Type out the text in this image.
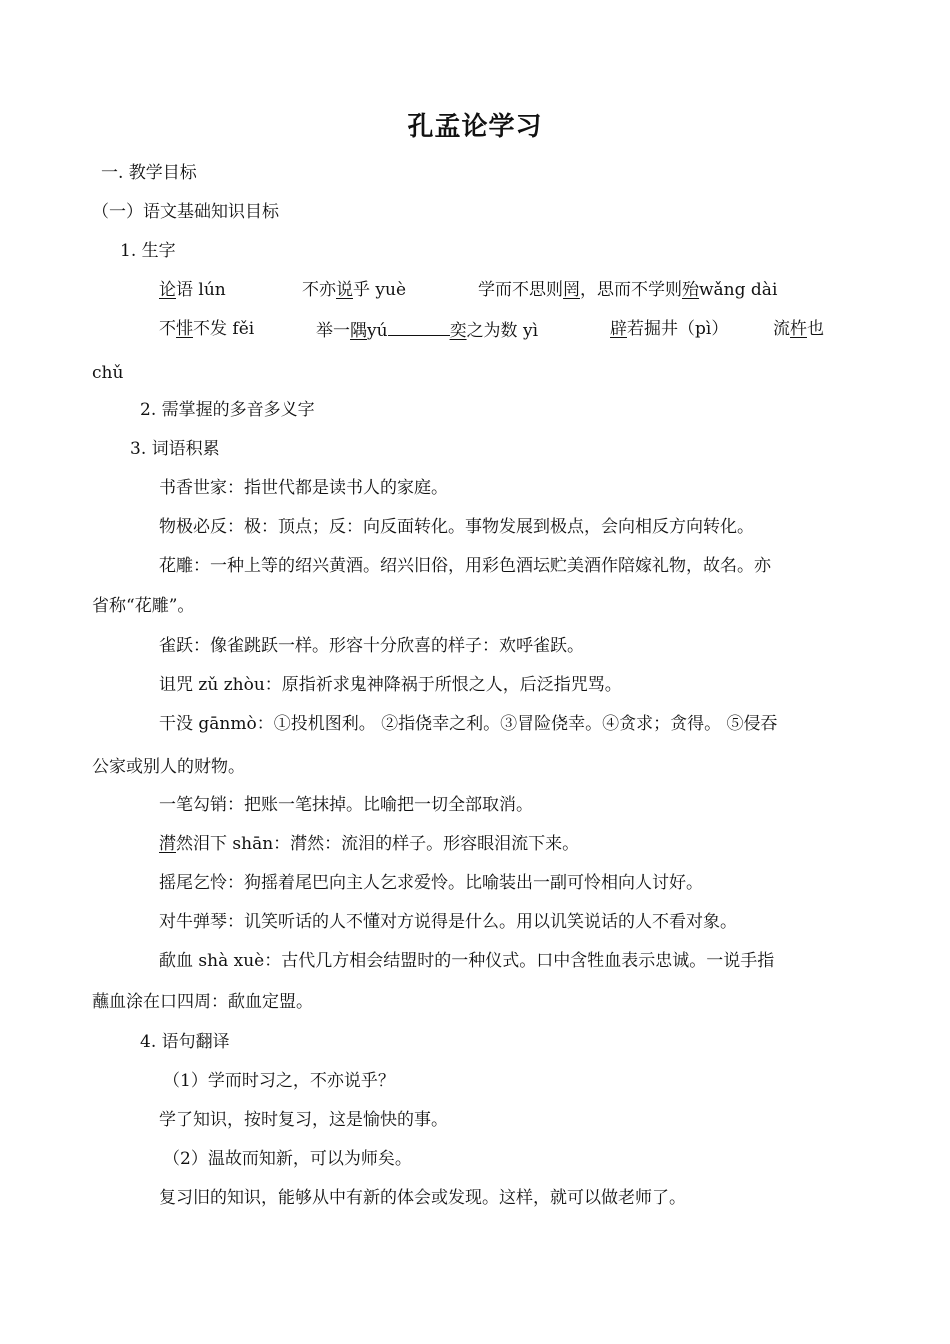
孔孟论学习
一. 教学目标
（一）语文基础知识目标
1. 生字
论语 lún	不亦说乎 yuè	学而不思则罔，思而不学则殆wǎng dài
不悱不发 fěi	举一隅yú	奕之为数 yì	辟若掘井（pì）	流杵也
chǔ
2. 需掌握的多音多义字
3. 词语积累
书香世家：指世代都是读书人的家庭。
物极必反：极：顶点；反：向反面转化。事物发展到极点，会向相反方向转化。
花雕：一种上等的绍兴黄酒。绍兴旧俗，用彩色酒坛贮美酒作陪嫁礼物，故名。亦
省称“花雕”。
雀跃：像雀跳跃一样。形容十分欣喜的样子：欢呼雀跃。
诅咒 zǔ zhòu：原指祈求鬼神降祸于所恨之人，后泛指咒骂。
干没 gānmò：①投机图利。 ②指侥幸之利。③冒险侥幸。④贪求；贪得。 ⑤侵吞
公家或别人的财物。
一笔勾销：把账一笔抹掉。比喻把一切全部取消。
潸然泪下 shān：潸然：流泪的样子。形容眼泪流下来。
摇尾乞怜：狗摇着尾巴向主人乞求爱怜。比喻装出一副可怜相向人讨好。
对牛弹琴：讥笑听话的人不懂对方说得是什么。用以讥笑说话的人不看对象。
歃血 shà xuè：古代几方相会结盟时的一种仪式。口中含牲血表示忠诚。一说手指
蘸血涂在口四周：歃血定盟。
4. 语句翻译
（1）学而时习之，不亦说乎？
学了知识，按时复习，这是愉快的事。
（2）温故而知新，可以为师矣。
复习旧的知识，能够从中有新的体会或发现。这样，就可以做老师了。
